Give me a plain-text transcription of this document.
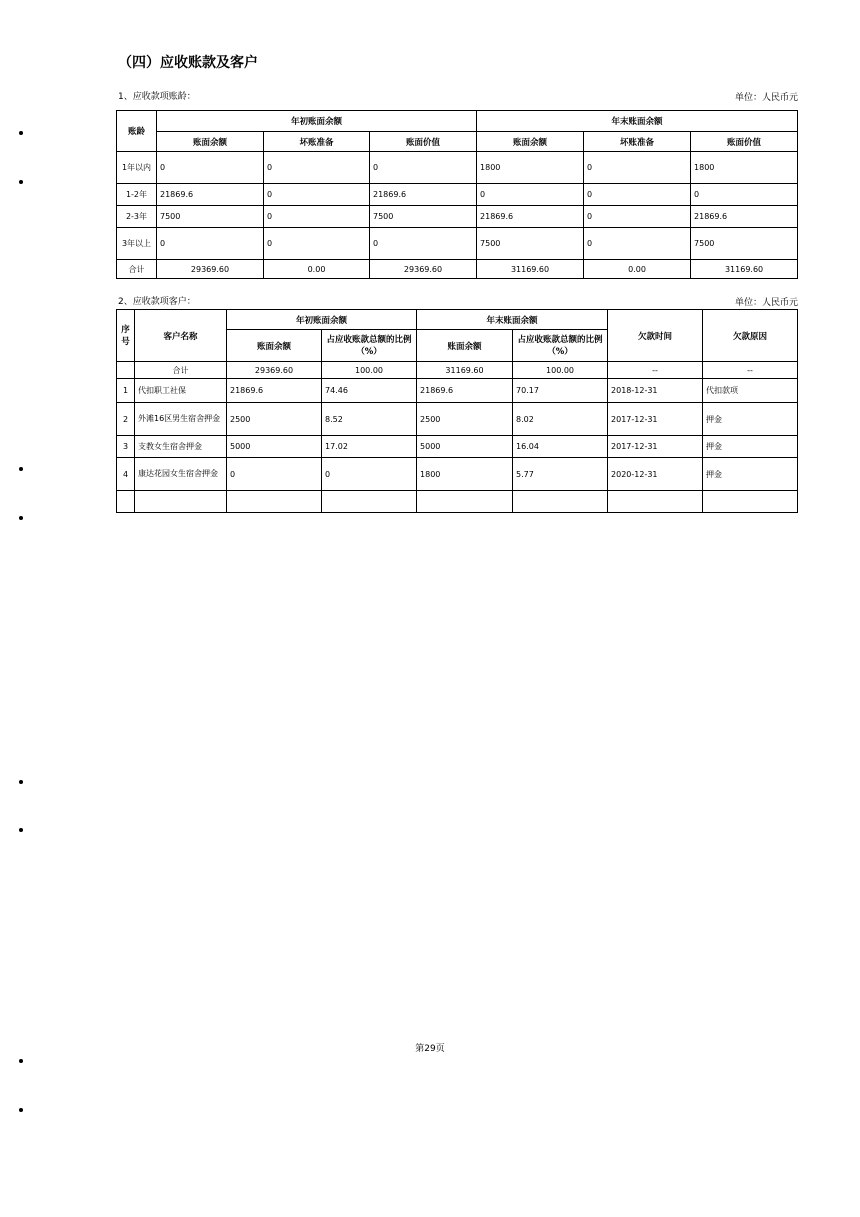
（四）应收账款及客户
1、应收款项账龄：	单位：人民币元
账龄	年初账面余额			年末账面余额		
	账面余额	坏账准备	账面价值	账面余额	坏账准备	账面价值
1年以内	0	0	0	1800	0	1800
1-2年	21869.6	0	21869.6	0	0	0
2-3年	7500	0	7500	21869.6	0	21869.6
3年以上	0	0	0	7500	0	7500
合计	29369.60	0.00	29369.60	31169.60	0.00	31169.60
2、应收款项客户：	单位：人民币元
序号	客户名称	年初账面余额		年末账面余额		欠款时间	欠款原因
		账面余额	占应收账款总额的比例（%）	账面余额	占应收账款总额的比例（%）		
	合计	29369.60	100.00	31169.60	100.00	--	--
1	代扣职工社保	21869.6	74.46	21869.6	70.17	2018-12-31	代扣款项
2	外滩16区男生宿舍押金	2500	8.52	2500	8.02	2017-12-31	押金
3	支教女生宿舍押金	5000	17.02	5000	16.04	2017-12-31	押金
4	康达花园女生宿舍押金	0	0	1800	5.77	2020-12-31	押金

第29页
